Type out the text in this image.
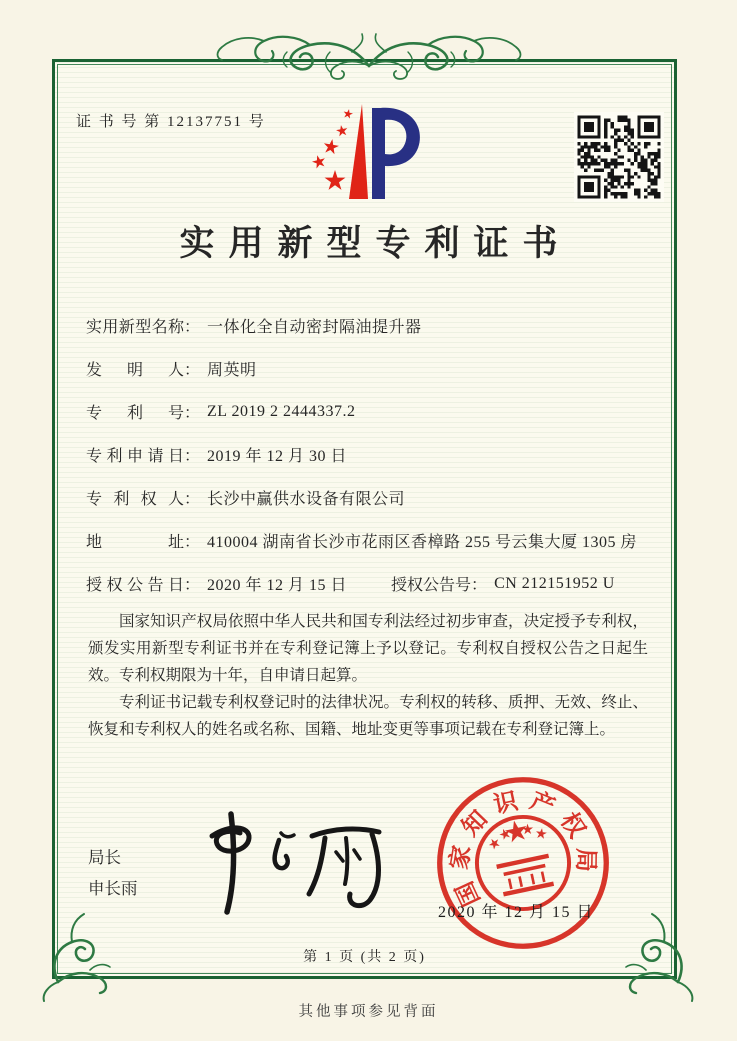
证 书 号 第 12137751 号
实用新型专利证书
实用新型名称 ： 一体化全自动密封隔油提升器
发明人 ： 周英明
专利号 ： ZL 2019 2 2444337.2
专利申请日 ： 2019 年 12 月 30 日
专利权人 ： 长沙中赢供水设备有限公司
地址 ： 410004 湖南省长沙市花雨区香樟路 255 号云集大厦 1305 房
授权公告日 ： 2020 年 12 月 15 日	授权公告号 ： CN 212151952 U

国家知识产权局依照中华人民共和国专利法经过初步审查，决定授予专利权，颁发实用新型专利证书并在专利登记簿上予以登记。专利权自授权公告之日起生效。专利权期限为十年，自申请日起算。

专利证书记载专利权登记时的法律状况。专利权的转移、质押、无效、终止、恢复和专利权人的姓名或名称、国籍、地址变更等事项记载在专利登记簿上。

局长
申长雨	国家知识产权局
2020 年 12 月 15 日
第 1 页 (共 2 页)
其他事项参见背面
